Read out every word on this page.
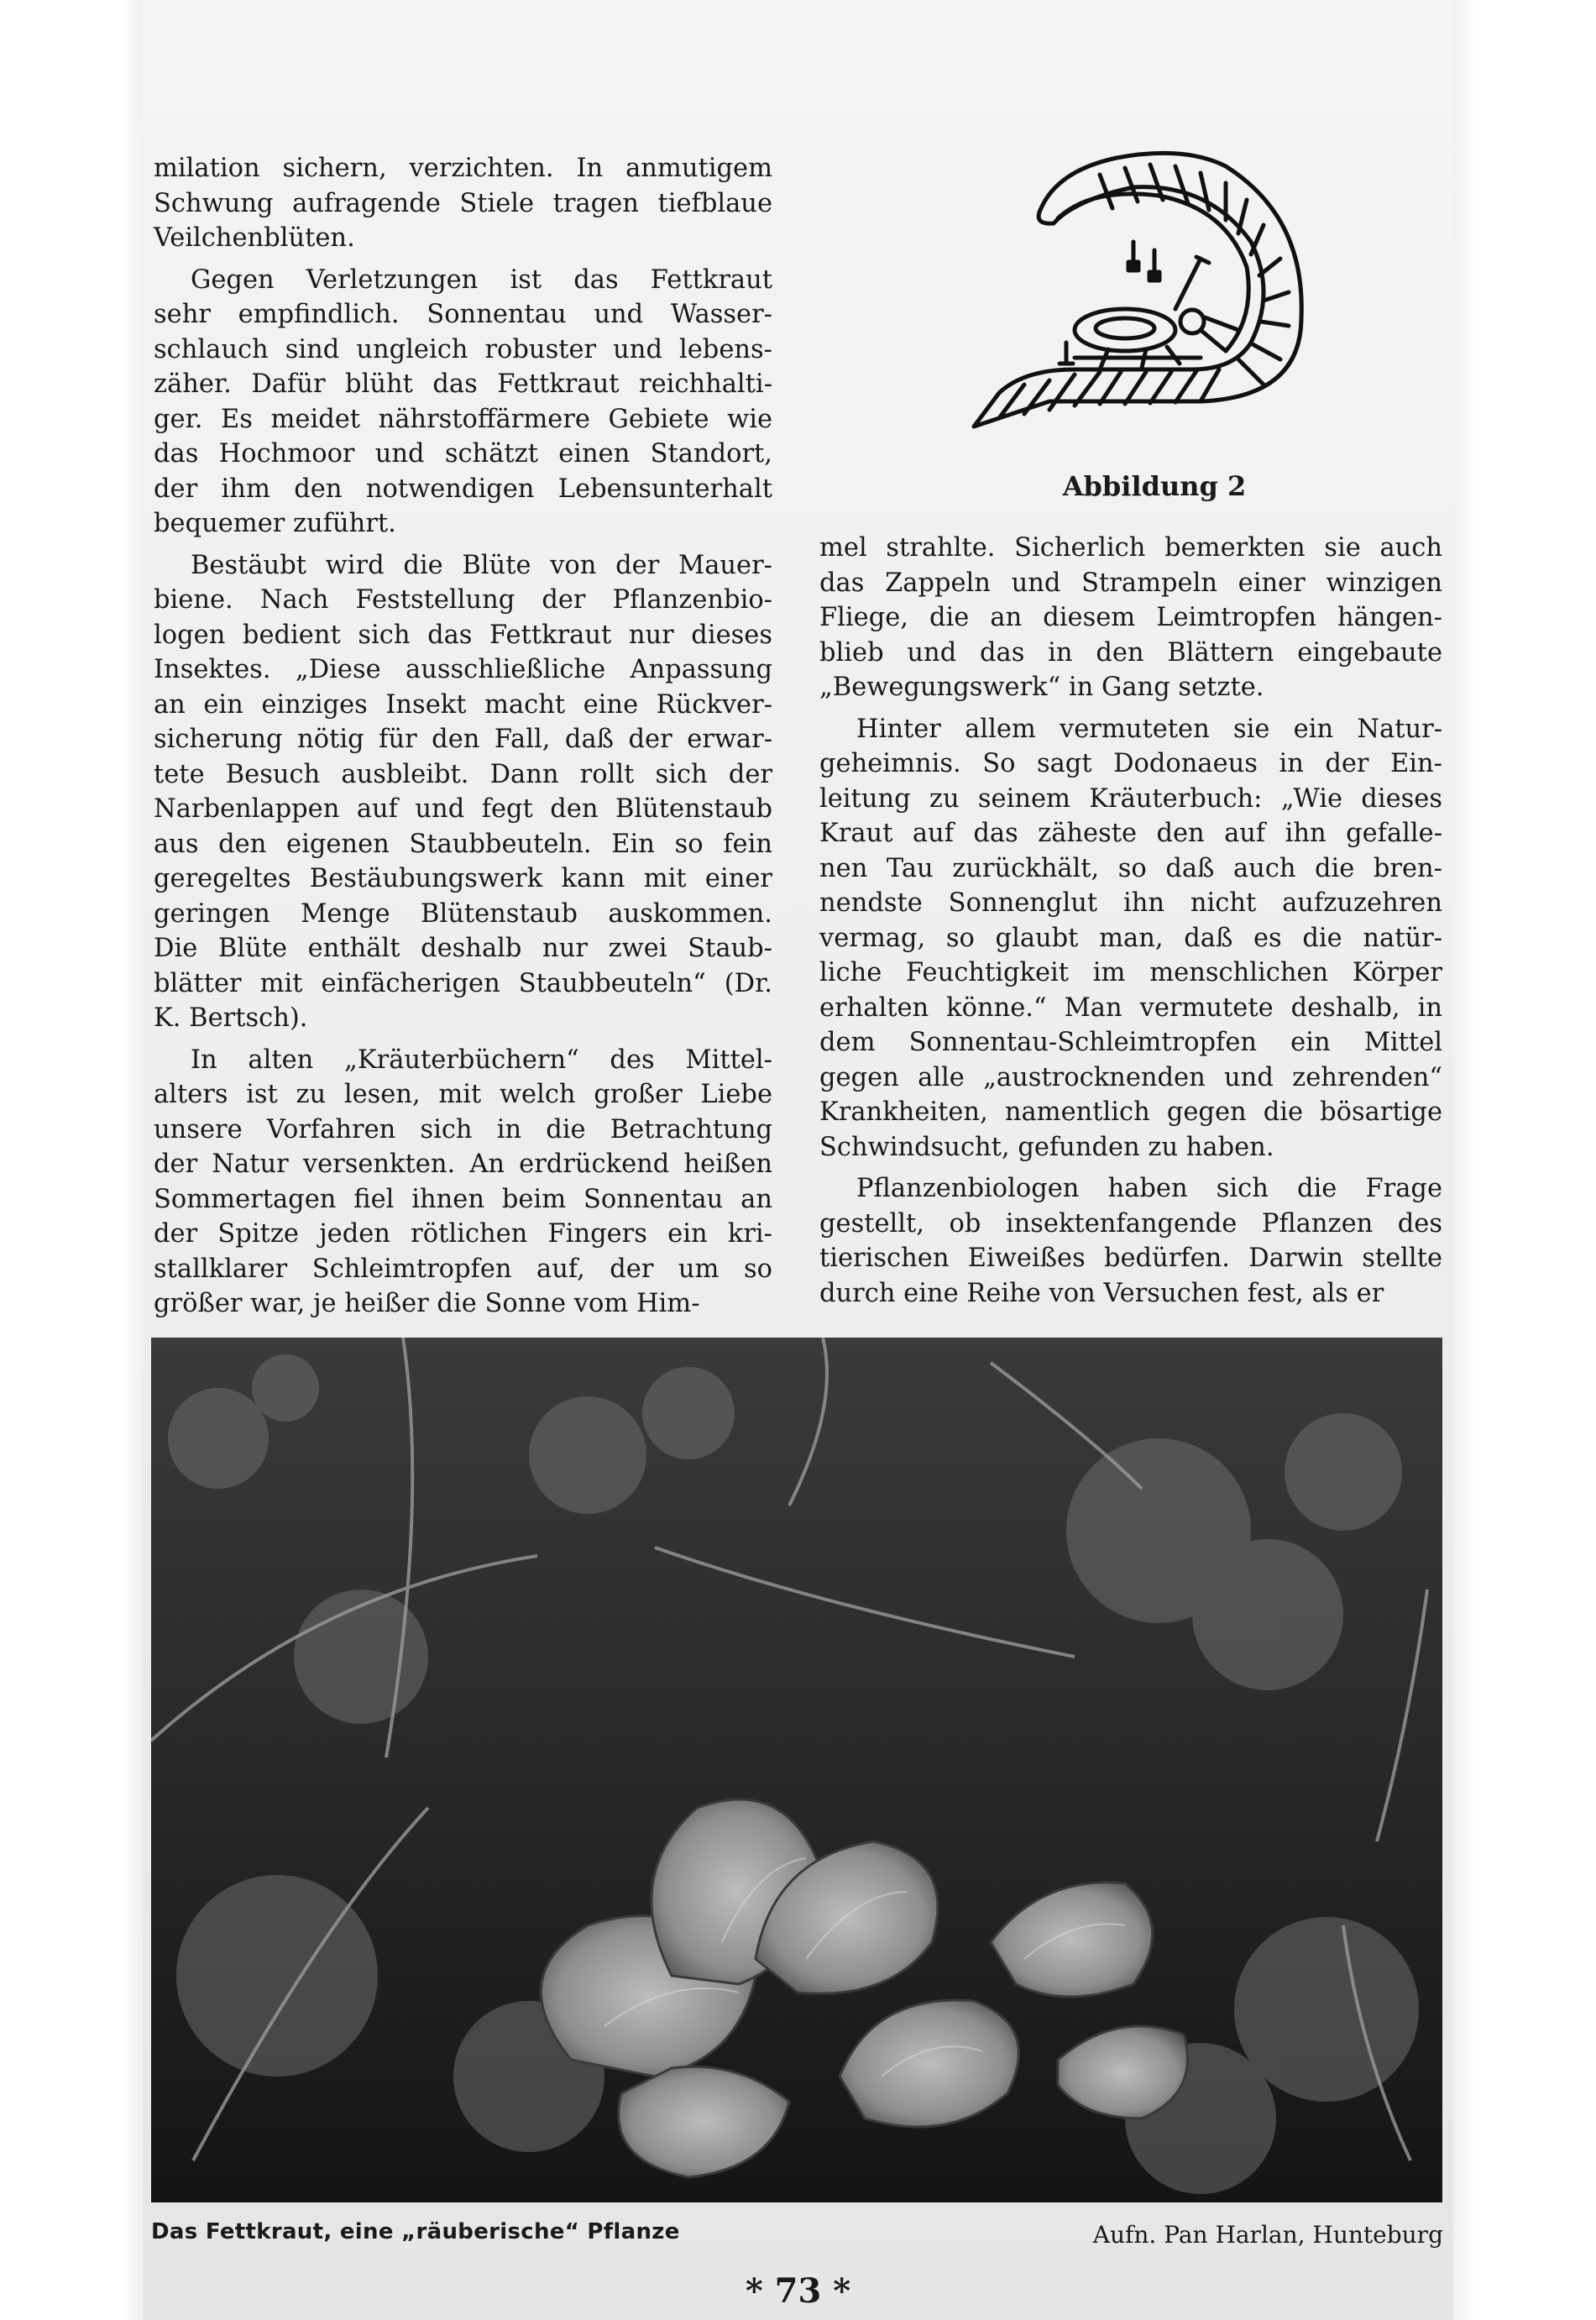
milation sichern, verzichten. In anmutigem
Schwung aufragende Stiele tragen tiefblaue
Veilchenblüten.

Gegen Verletzungen ist das Fettkraut
sehr empfindlich. Sonnentau und Wasser-
schlauch sind ungleich robuster und lebens-
zäher. Dafür blüht das Fettkraut reichhalti-
ger. Es meidet nährstoffärmere Gebiete wie
das Hochmoor und schätzt einen Standort,
der ihm den notwendigen Lebensunterhalt
bequemer zuführt.

Bestäubt wird die Blüte von der Mauer-
biene. Nach Feststellung der Pflanzenbio-
logen bedient sich das Fettkraut nur dieses
Insektes. „Diese ausschließliche Anpassung
an ein einziges Insekt macht eine Rückver-
sicherung nötig für den Fall, daß der erwar-
tete Besuch ausbleibt. Dann rollt sich der
Narbenlappen auf und fegt den Blütenstaub
aus den eigenen Staubbeuteln. Ein so fein
geregeltes Bestäubungswerk kann mit einer
geringen Menge Blütenstaub auskommen.
Die Blüte enthält deshalb nur zwei Staub-
blätter mit einfächerigen Staubbeuteln“ (Dr.
K. Bertsch).

In alten „Kräuterbüchern“ des Mittel-
alters ist zu lesen, mit welch großer Liebe
unsere Vorfahren sich in die Betrachtung
der Natur versenkten. An erdrückend heißen
Sommertagen fiel ihnen beim Sonnentau an
der Spitze jeden rötlichen Fingers ein kri-
stallklarer Schleimtropfen auf, der um so
größer war, je heißer die Sonne vom Him-

Abbildung 2

mel strahlte. Sicherlich bemerkten sie auch
das Zappeln und Strampeln einer winzigen
Fliege, die an diesem Leimtropfen hängen-
blieb und das in den Blättern eingebaute
„Bewegungswerk“ in Gang setzte.

Hinter allem vermuteten sie ein Natur-
geheimnis. So sagt Dodonaeus in der Ein-
leitung zu seinem Kräuterbuch: „Wie dieses
Kraut auf das zäheste den auf ihn gefalle-
nen Tau zurückhält, so daß auch die bren-
nendste Sonnenglut ihn nicht aufzuzehren
vermag, so glaubt man, daß es die natür-
liche Feuchtigkeit im menschlichen Körper
erhalten könne.“ Man vermutete deshalb, in
dem Sonnentau-Schleimtropfen ein Mittel
gegen alle „austrocknenden und zehrenden“
Krankheiten, namentlich gegen die bösartige
Schwindsucht, gefunden zu haben.

Pflanzenbiologen haben sich die Frage
gestellt, ob insektenfangende Pflanzen des
tierischen Eiweißes bedürfen. Darwin stellte
durch eine Reihe von Versuchen fest, als er

Das Fettkraut, eine „räuberische“ Pflanze	Aufn. Pan Harlan, Hunteburg
* 73 *
